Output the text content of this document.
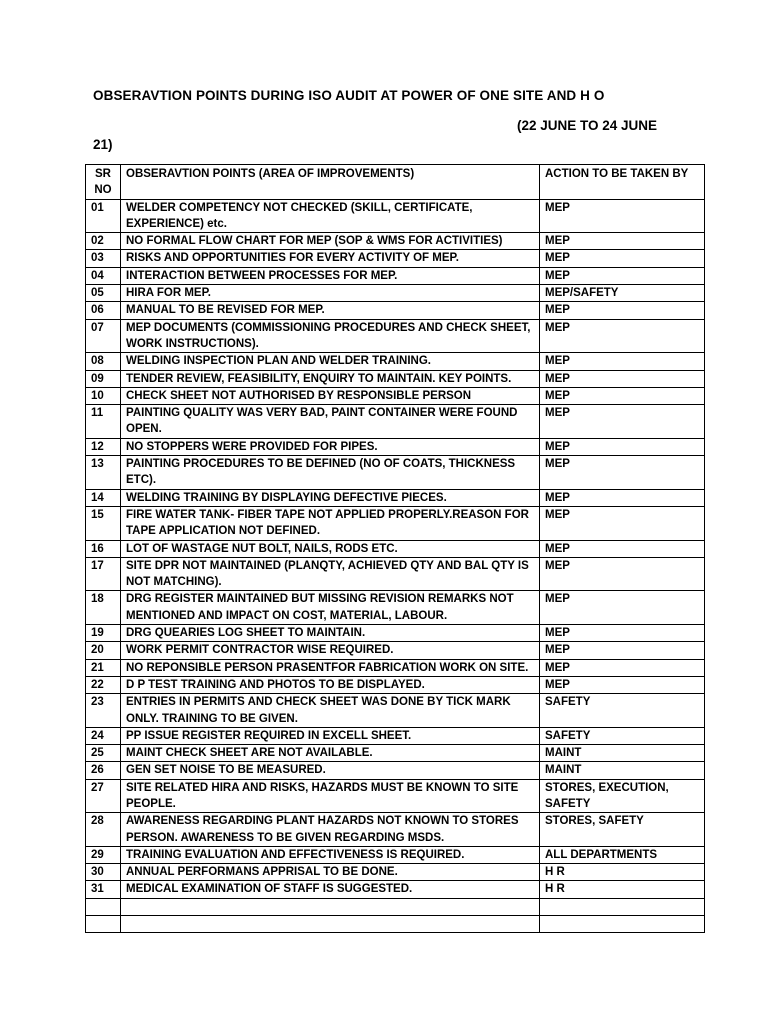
OBSERAVTION POINTS DURING ISO AUDIT AT POWER OF ONE SITE AND H O
(22 JUNE TO 24 JUNE
21)
SR NO	OBSERAVTION POINTS (AREA OF IMPROVEMENTS)	ACTION TO BE TAKEN BY
01	WELDER COMPETENCY NOT CHECKED (SKILL, CERTIFICATE, EXPERIENCE) etc.	MEP
02	NO FORMAL FLOW CHART FOR MEP (SOP & WMS FOR ACTIVITIES)	MEP
03	RISKS AND OPPORTUNITIES FOR EVERY ACTIVITY OF MEP.	MEP
04	INTERACTION BETWEEN PROCESSES FOR MEP.	MEP
05	HIRA FOR MEP.	MEP/SAFETY
06	MANUAL TO BE REVISED FOR MEP.	MEP
07	MEP DOCUMENTS (COMMISSIONING PROCEDURES AND CHECK SHEET, WORK INSTRUCTIONS).	MEP
08	WELDING INSPECTION PLAN AND WELDER TRAINING.	MEP
09	TENDER REVIEW, FEASIBILITY, ENQUIRY TO MAINTAIN. KEY POINTS.	MEP
10	CHECK SHEET NOT AUTHORISED BY RESPONSIBLE PERSON	MEP
11	PAINTING QUALITY WAS VERY BAD, PAINT CONTAINER WERE FOUND OPEN.	MEP
12	NO STOPPERS WERE PROVIDED FOR PIPES.	MEP
13	PAINTING PROCEDURES TO BE DEFINED (NO OF COATS, THICKNESS ETC).	MEP
14	WELDING TRAINING BY DISPLAYING DEFECTIVE PIECES.	MEP
15	FIRE WATER TANK- FIBER TAPE NOT APPLIED PROPERLY.REASON FOR TAPE APPLICATION NOT DEFINED.	MEP
16	LOT OF WASTAGE NUT BOLT, NAILS, RODS ETC.	MEP
17	SITE DPR NOT MAINTAINED (PLANQTY, ACHIEVED QTY AND BAL QTY IS NOT MATCHING).	MEP
18	DRG REGISTER MAINTAINED BUT MISSING REVISION REMARKS NOT MENTIONED AND IMPACT ON COST, MATERIAL, LABOUR.	MEP
19	DRG QUEARIES LOG SHEET TO MAINTAIN.	MEP
20	WORK PERMIT CONTRACTOR WISE REQUIRED.	MEP
21	NO REPONSIBLE PERSON PRASENTFOR FABRICATION WORK ON SITE.	MEP
22	D P TEST TRAINING AND PHOTOS TO BE DISPLAYED.	MEP
23	ENTRIES IN PERMITS AND CHECK SHEET WAS DONE BY TICK MARK ONLY. TRAINING TO BE GIVEN.	SAFETY
24	PP ISSUE REGISTER REQUIRED IN EXCELL SHEET.	SAFETY
25	MAINT CHECK SHEET ARE NOT AVAILABLE.	MAINT
26	GEN SET NOISE TO BE MEASURED.	MAINT
27	SITE RELATED HIRA AND RISKS, HAZARDS MUST BE KNOWN TO SITE PEOPLE.	STORES, EXECUTION, SAFETY
28	AWARENESS REGARDING PLANT HAZARDS NOT KNOWN TO STORES PERSON. AWARENESS TO BE GIVEN REGARDING MSDS.	STORES, SAFETY
29	TRAINING EVALUATION AND EFFECTIVENESS IS REQUIRED.	ALL DEPARTMENTS
30	ANNUAL PERFORMANS APPRISAL TO BE DONE.	H R
31	MEDICAL EXAMINATION OF STAFF IS SUGGESTED.	H R
